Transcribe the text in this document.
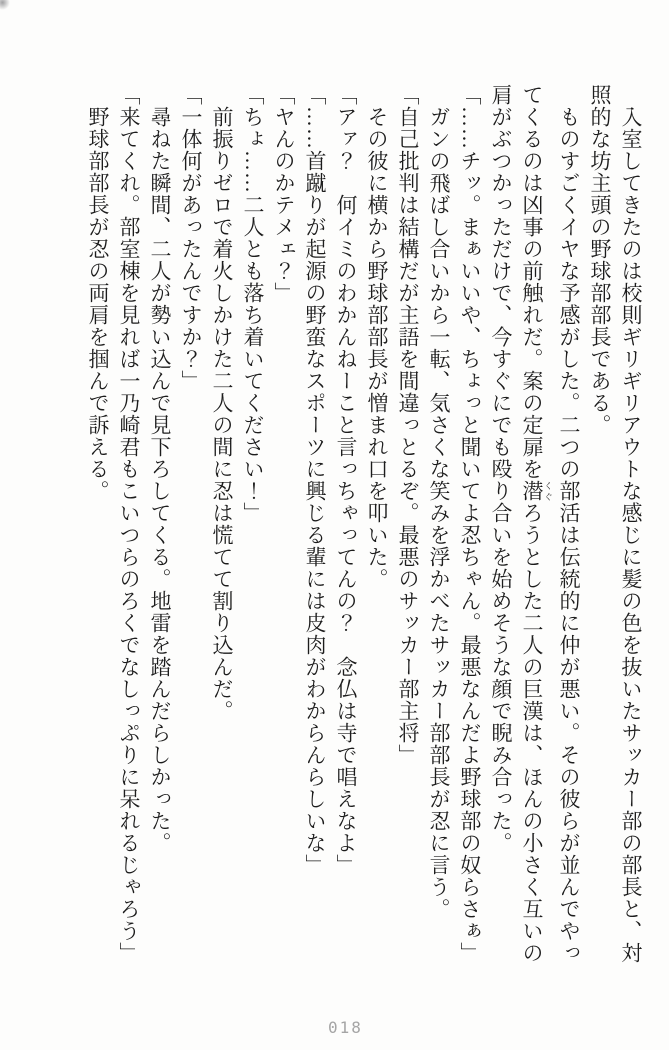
入室してきたのは校則ギリギリアウトな感じに髪の色を抜いたサッカー部の部長と、対

照的な坊主頭の野球部部長である。

ものすごくイヤな予感がした。二つの部活は伝統的に仲が悪い。その彼らが並んでやっ

てくるのは凶事の前触れだ。案の定扉を潜 くぐろうとした二人の巨漢は、ほんの小さく互いの

肩がぶつかっただけで、今すぐにでも殴り合いを始めそうな顔で睨み合った。

「……チッ。まぁいいや、ちょっと聞いてよ忍ちゃん。最悪なんだよ野球部の奴らさぁ」

ガンの飛ばし合いから一転、気さくな笑みを浮かべたサッカー部部長が忍に言う。

「自己批判は結構だが主語を間違っとるぞ。最悪のサッカー部主将」

その彼に横から野球部部長が憎まれ口を叩いた。

「アァ？　何イミのわかんねーこと言っちゃってんの？　念仏は寺で唱えなよ」

「……首蹴りが起源の野蛮なスポーツに興じる輩には皮肉がわからんらしいな」

「ヤんのかテメェ？」

「ちょ……二人とも落ち着いてください！」

前振りゼロで着火しかけた二人の間に忍は慌てて割り込んだ。

「一体何があったんですか？」

尋ねた瞬間、二人が勢い込んで見下ろしてくる。地雷を踏んだらしかった。

「来てくれ。部室棟を見れば一乃崎君もこいつらのろくでなしっぷりに呆れるじゃろう」

野球部部長が忍の両肩を掴んで訴える。

018
